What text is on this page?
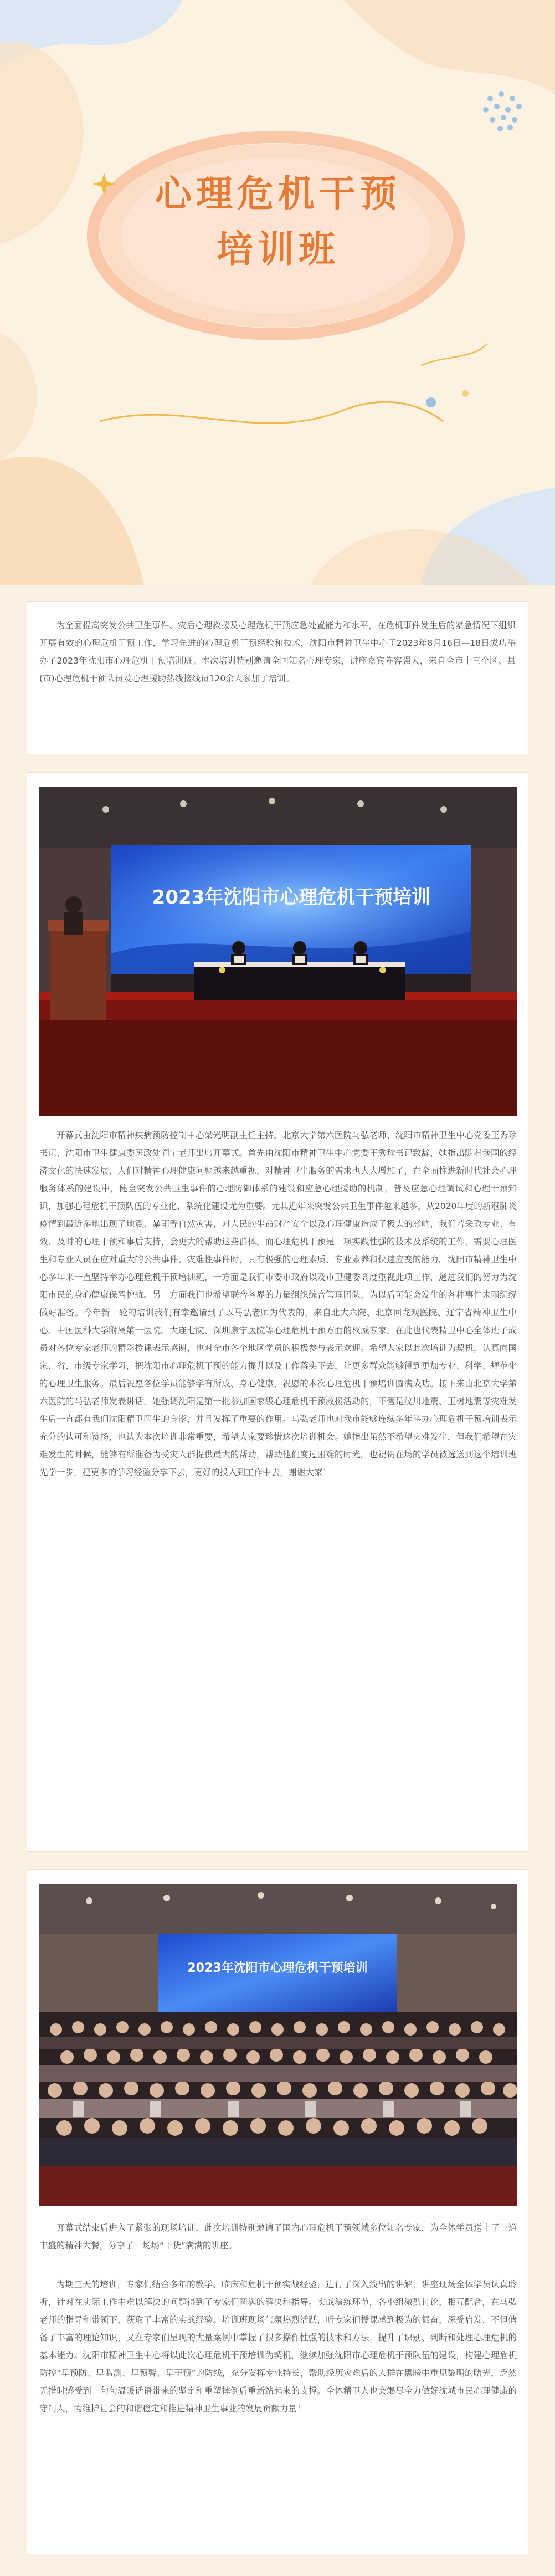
心理危机干预
培训班

为全面提高突发公共卫生事件、灾后心理救援及心理危机干预应急处置能力和水平，在危机事件发生后的紧急情况下组织开展有效的心理危机干预工作，学习先进的心理危机干预经验和技术，沈阳市精神卫生中心于2023年8月16日—18日成功举办了2023年沈阳市心理危机干预培训班。本次培训特别邀请全国知名心理专家，讲座嘉宾阵容强大，来自全市十三个区、县(市)心理危机干预队员及心理援助热线接线员120余人参加了培训。

2023年沈阳市心理危机干预培训

开幕式由沈阳市精神疾病预防控制中心梁光明副主任主持，北京大学第六医院马弘老师、沈阳市精神卫生中心党委王秀珍书记、沈阳市卫生健康委医政处阎宁老师出席开幕式。首先由沈阳市精神卫生中心党委王秀珍书记致辞，她指出随着我国的经济文化的快速发展，人们对精神心理健康问题越来越重视，对精神卫生服务的需求也大大增加了，在全面推进新时代社会心理服务体系的建设中，健全突发公共卫生事件的心理防御体系的建设和应急心理援助的机制，普及应急心理调试和心理干预知识，加强心理危机干预队伍的专业化、系统化建设尤为重要。尤其近年来突发公共卫生事件越来越多，从2020年度的新冠肺炎疫情到最近多地出现了地震、暴雨等自然灾害，对人民的生命财产安全以及心理健康造成了极大的影响，我们若采取专业、有效、及时的心理干预和事后支持，会更大的帮助这些群体。而心理危机干预是一项实践性强的技术及系统的工作，需要心理医生和专业人员在应对重大的公共事件、灾难性事件时，具有极强的心理素质、专业素养和快速应变的能力。沈阳市精神卫生中心多年来一直坚持举办心理危机干预培训班，一方面是我们市委市政府以及市卫健委高度重视此项工作，通过我们的努力为沈阳市民的身心健康保驾护航。另一方面我们也希望联合各界的力量组织综合管理团队，为以后可能会发生的各种事件未雨绸缪做好准备。今年新一轮的培训我们有幸邀请到了以马弘老师为代表的，来自北大六院、北京回龙观医院、辽宁省精神卫生中心、中国医科大学附属第一医院、大连七院、深圳康宁医院等心理危机干预方面的权威专家。在此也代表精卫中心全体班子成员对各位专家老师的精彩授课表示感谢，也对全市各个地区学员的积极参与表示欢迎。希望大家以此次培训为契机，认真向国家、省、市级专家学习，把沈阳市心理危机干预的能力提升以及工作落实下去，让更多群众能够得到更加专业、科学、规范化的心理卫生服务。最后祝愿各位学员能够学有所成、身心健康，祝愿的本次心理危机干预培训圆满成功。接下来由北京大学第六医院的马弘老师发表讲话，她强调沈阳是第一批参加国家级心理危机干预救援活动的，不管是汶川地震、玉树地震等灾难发生后一直都有我们沈阳精卫医生的身影，并且发挥了重要的作用。马弘老师也对我市能够连续多年举办心理危机干预培训表示充分的认可和赞扬，也认为本次培训非常重要，希望大家要珍惜这次培训机会。她指出虽然不希望灾难发生，但我们希望在灾难发生的时候，能够有所准备为受灾人群提供最大的帮助，帮助他们度过困难的时光。也祝贺在场的学员被选送到这个培训班先学一步，把更多的学习经验分享下去，更好的投入到工作中去，谢谢大家！

2023年沈阳市心理危机干预培训

开幕式结束后进入了紧张的现场培训，此次培训特别邀请了国内心理危机干预领域多位知名专家，为全体学员送上了一道丰盛的精神大餐，分享了一场场“干货”满满的讲座。

为期三天的培训，专家们结合多年的教学、临床和危机干预实战经验，进行了深入浅出的讲解，讲座现场全体学员认真聆听，针对在实际工作中难以解决的问题得到了专家们圆满的解决和指导。实战演练环节，各小组激烈讨论，相互配合，在马弘老师的指导和带领下，获取了丰富的实战经验。培训班现场气氛热烈活跃，听专家们授课感到极为的振奋，深受启发，不但储备了丰富的理论知识，又在专家们呈现的大量案例中掌握了很多操作性强的技术和方法，提升了识别、判断和处理心理危机的基本能力。沈阳市精神卫生中心将以此次心理危机干预培训为契机，继续加强沈阳市心理危机干预队伍的建设，构建心理危机防控“早预防、早监测、早预警、早干预”的防线，充分发挥专业特长，帮助经历灾难后的人群在黑暗中重见黎明的曙光，乏然无措时感受到一句句温暖话语带来的坚定和重塑摔倒后重新站起来的支撑。全体精卫人也会竭尽全力做好沈城市民心理健康的守门人，为维护社会的和谐稳定和推进精神卫生事业的发展贡献力量！
